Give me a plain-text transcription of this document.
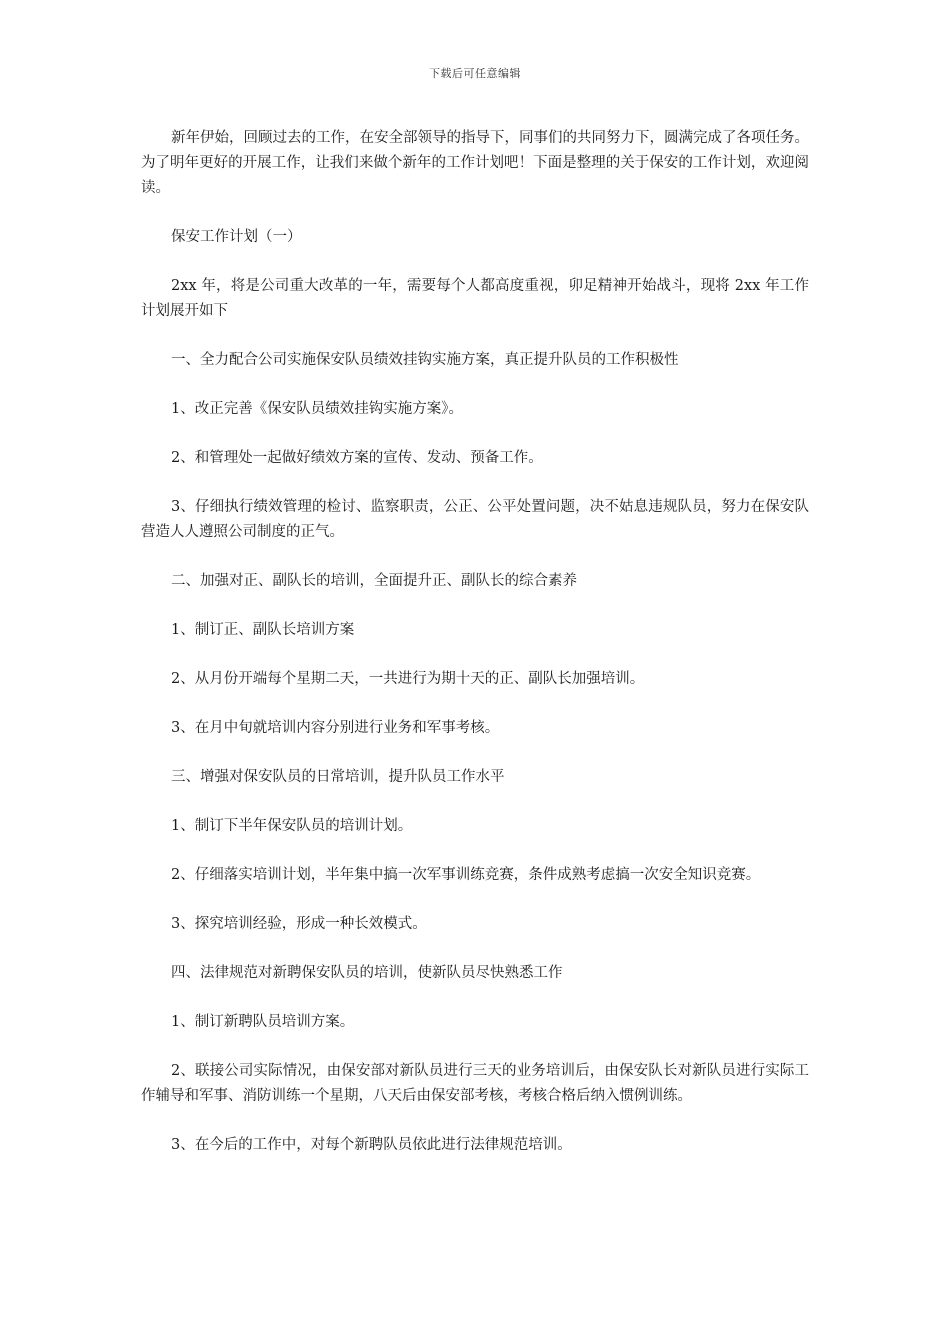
下载后可任意编辑

新年伊始，回顾过去的工作，在安全部领导的指导下，同事们的共同努力下，圆满完成了各项任务。为了明年更好的开展工作，让我们来做个新年的工作计划吧！下面是整理的关于保安的工作计划，欢迎阅读。

保安工作计划（一）

2xx 年，将是公司重大改革的一年，需要每个人都高度重视，卯足精神开始战斗，现将 2xx 年工作计划展开如下

一、全力配合公司实施保安队员绩效挂钩实施方案，真正提升队员的工作积极性

1、改正完善《保安队员绩效挂钩实施方案》。

2、和管理处一起做好绩效方案的宣传、发动、预备工作。

3、仔细执行绩效管理的检讨、监察职责，公正、公平处置问题，决不姑息违规队员，努力在保安队营造人人遵照公司制度的正气。

二、加强对正、副队长的培训，全面提升正、副队长的综合素养

1、制订正、副队长培训方案

2、从月份开端每个星期二天，一共进行为期十天的正、副队长加强培训。

3、在月中旬就培训内容分别进行业务和军事考核。

三、增强对保安队员的日常培训，提升队员工作水平

1、制订下半年保安队员的培训计划。

2、仔细落实培训计划，半年集中搞一次军事训练竞赛，条件成熟考虑搞一次安全知识竞赛。

3、探究培训经验，形成一种长效模式。

四、法律规范对新聘保安队员的培训，使新队员尽快熟悉工作

1、制订新聘队员培训方案。

2、联接公司实际情况，由保安部对新队员进行三天的业务培训后，由保安队长对新队员进行实际工作辅导和军事、消防训练一个星期，八天后由保安部考核，考核合格后纳入惯例训练。

3、在今后的工作中，对每个新聘队员依此进行法律规范培训。
